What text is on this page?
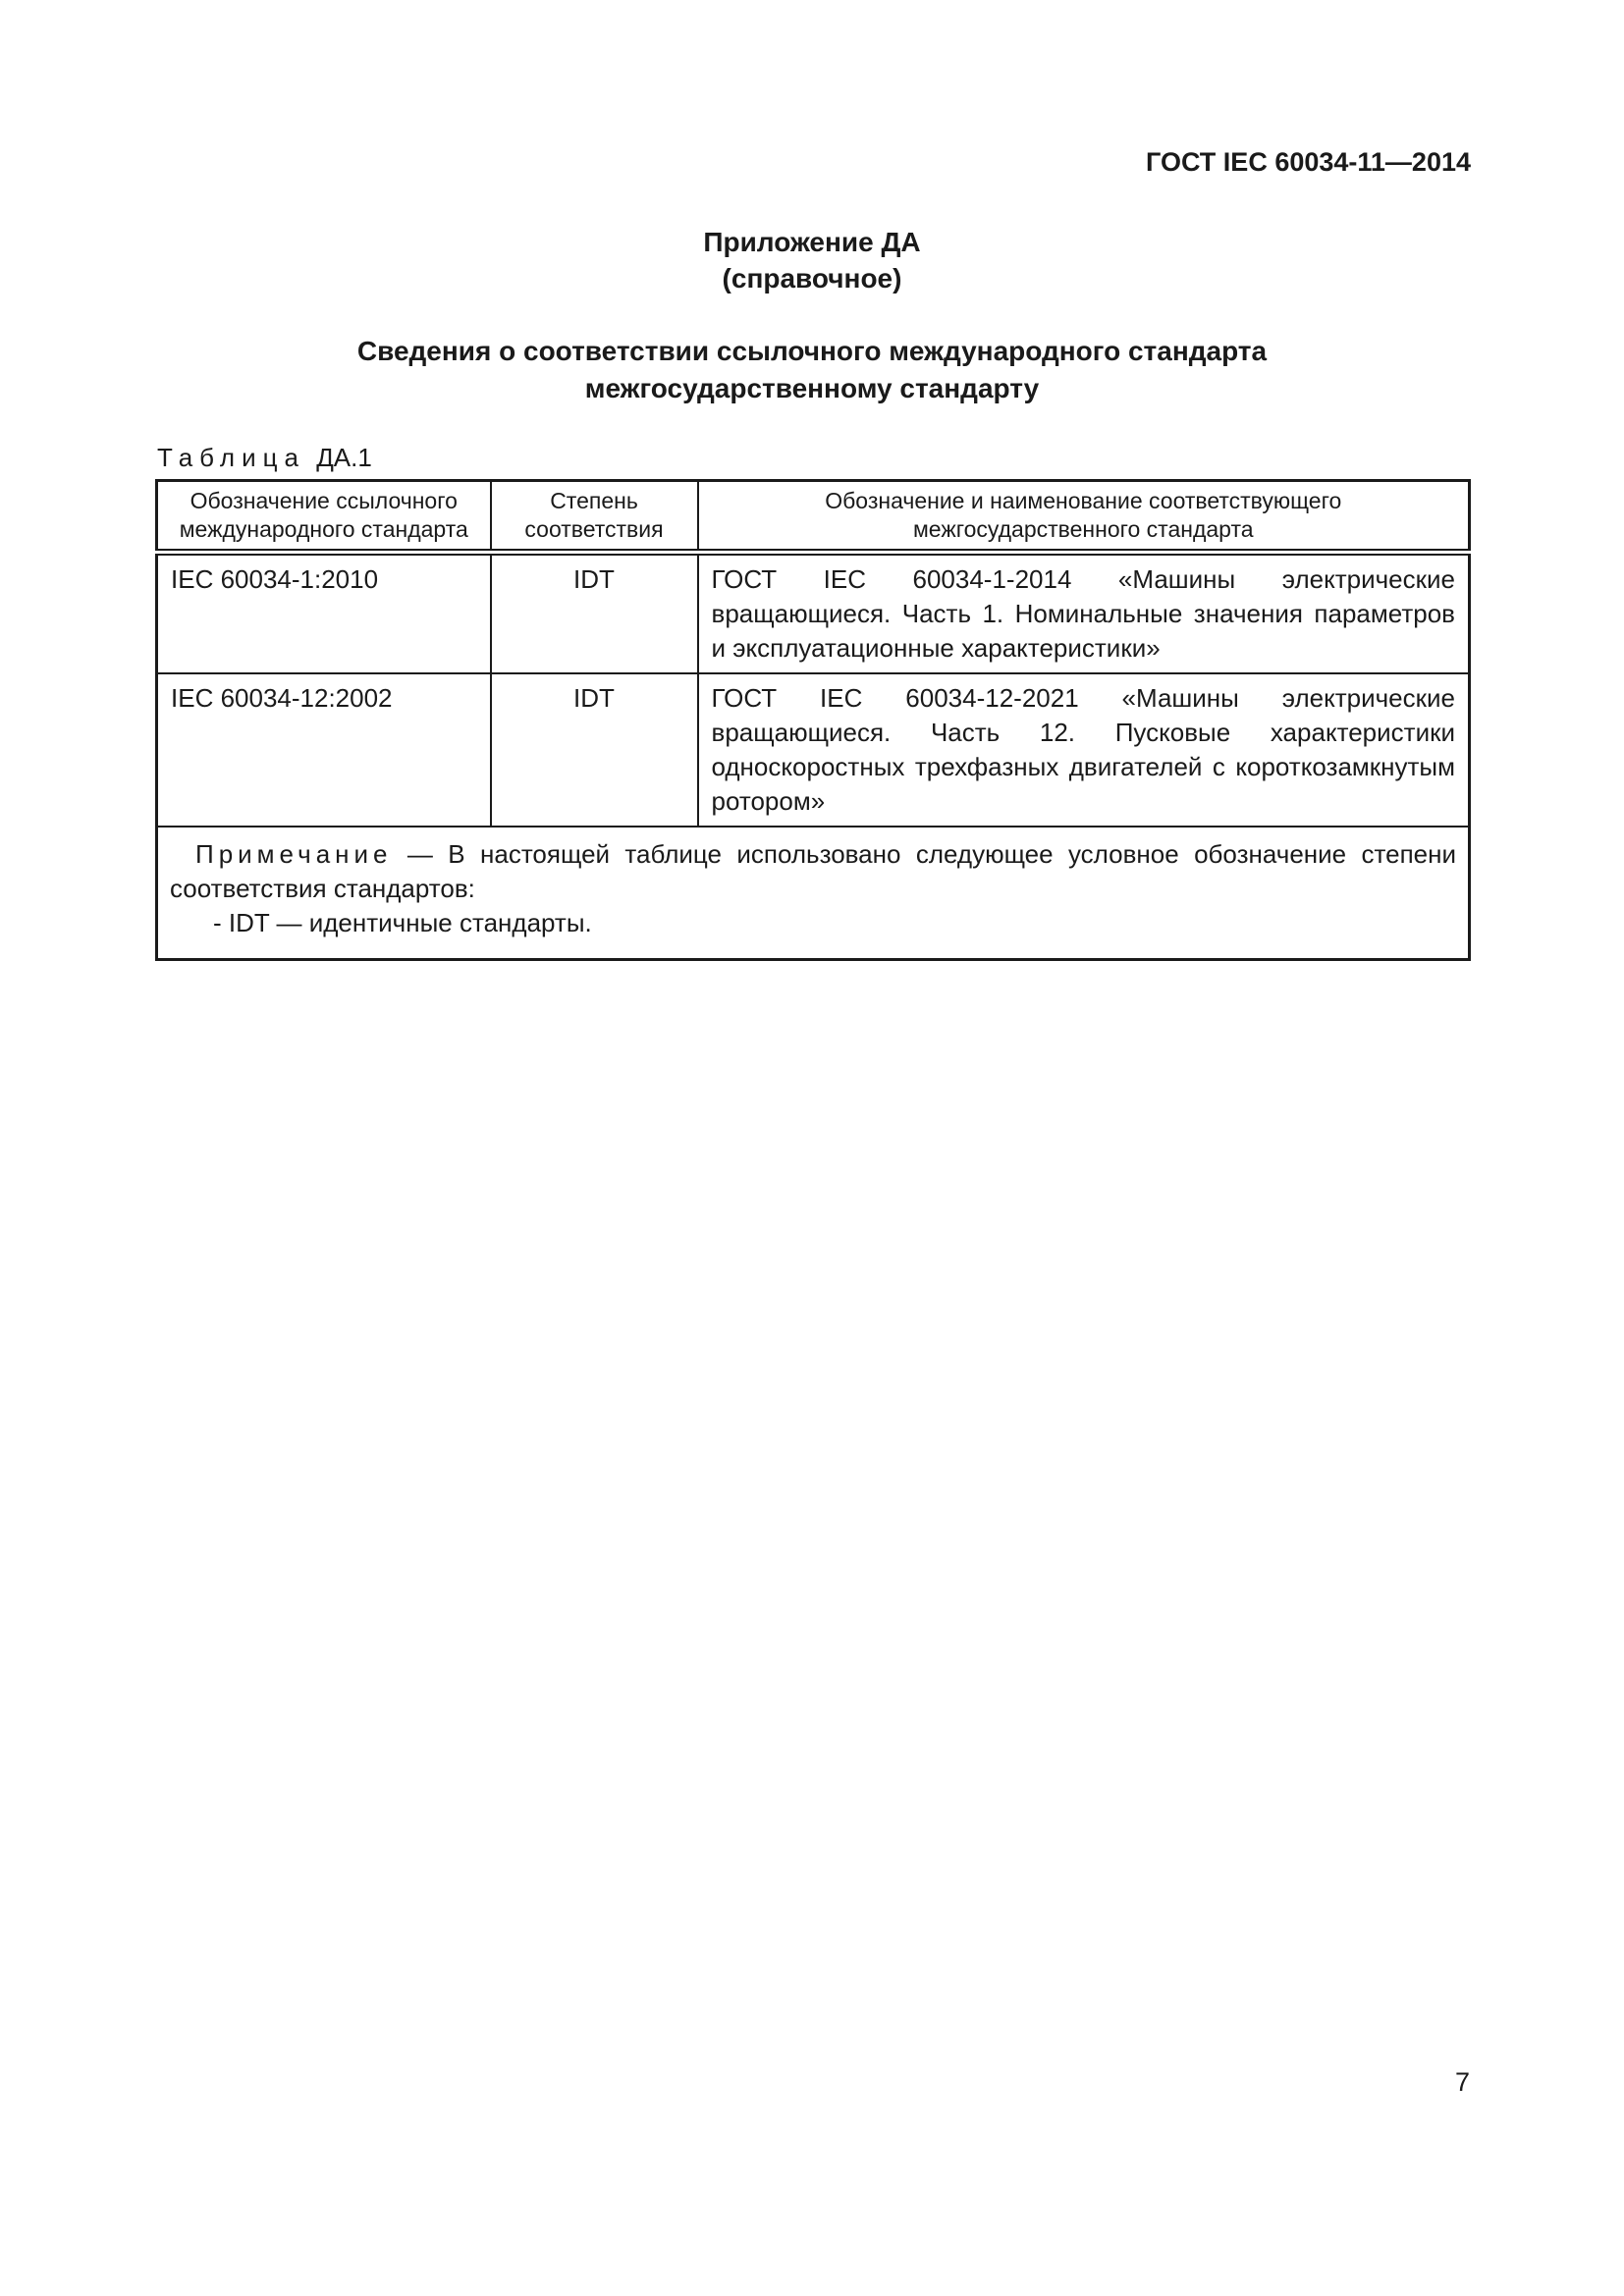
ГОСТ IEC 60034-11—2014
Приложение ДА
(справочное)
Сведения о соответствии ссылочного международного стандарта
межгосударственному стандарту
Таблица ДА.1
Обозначение ссылочного международного стандарта	Степень соответствия	Обозначение и наименование соответствующего межгосударственного стандарта
IEC 60034-1:2010	IDT	ГОСТ IEC 60034-1-2014 «Машины электрические вращающиеся. Часть 1. Номинальные значения параметров и эксплуатационные характеристики»
IEC 60034-12:2002	IDT	ГОСТ IEC 60034-12-2021 «Машины электрические вращающиеся. Часть 12. Пусковые характеристики односкоростных трехфазных двигателей с короткозамкнутым ротором»

Примечание — В настоящей таблице использовано следующее условное обозначение степени соответствия стандартов:

- IDT — идентичные стандарты.		

7
